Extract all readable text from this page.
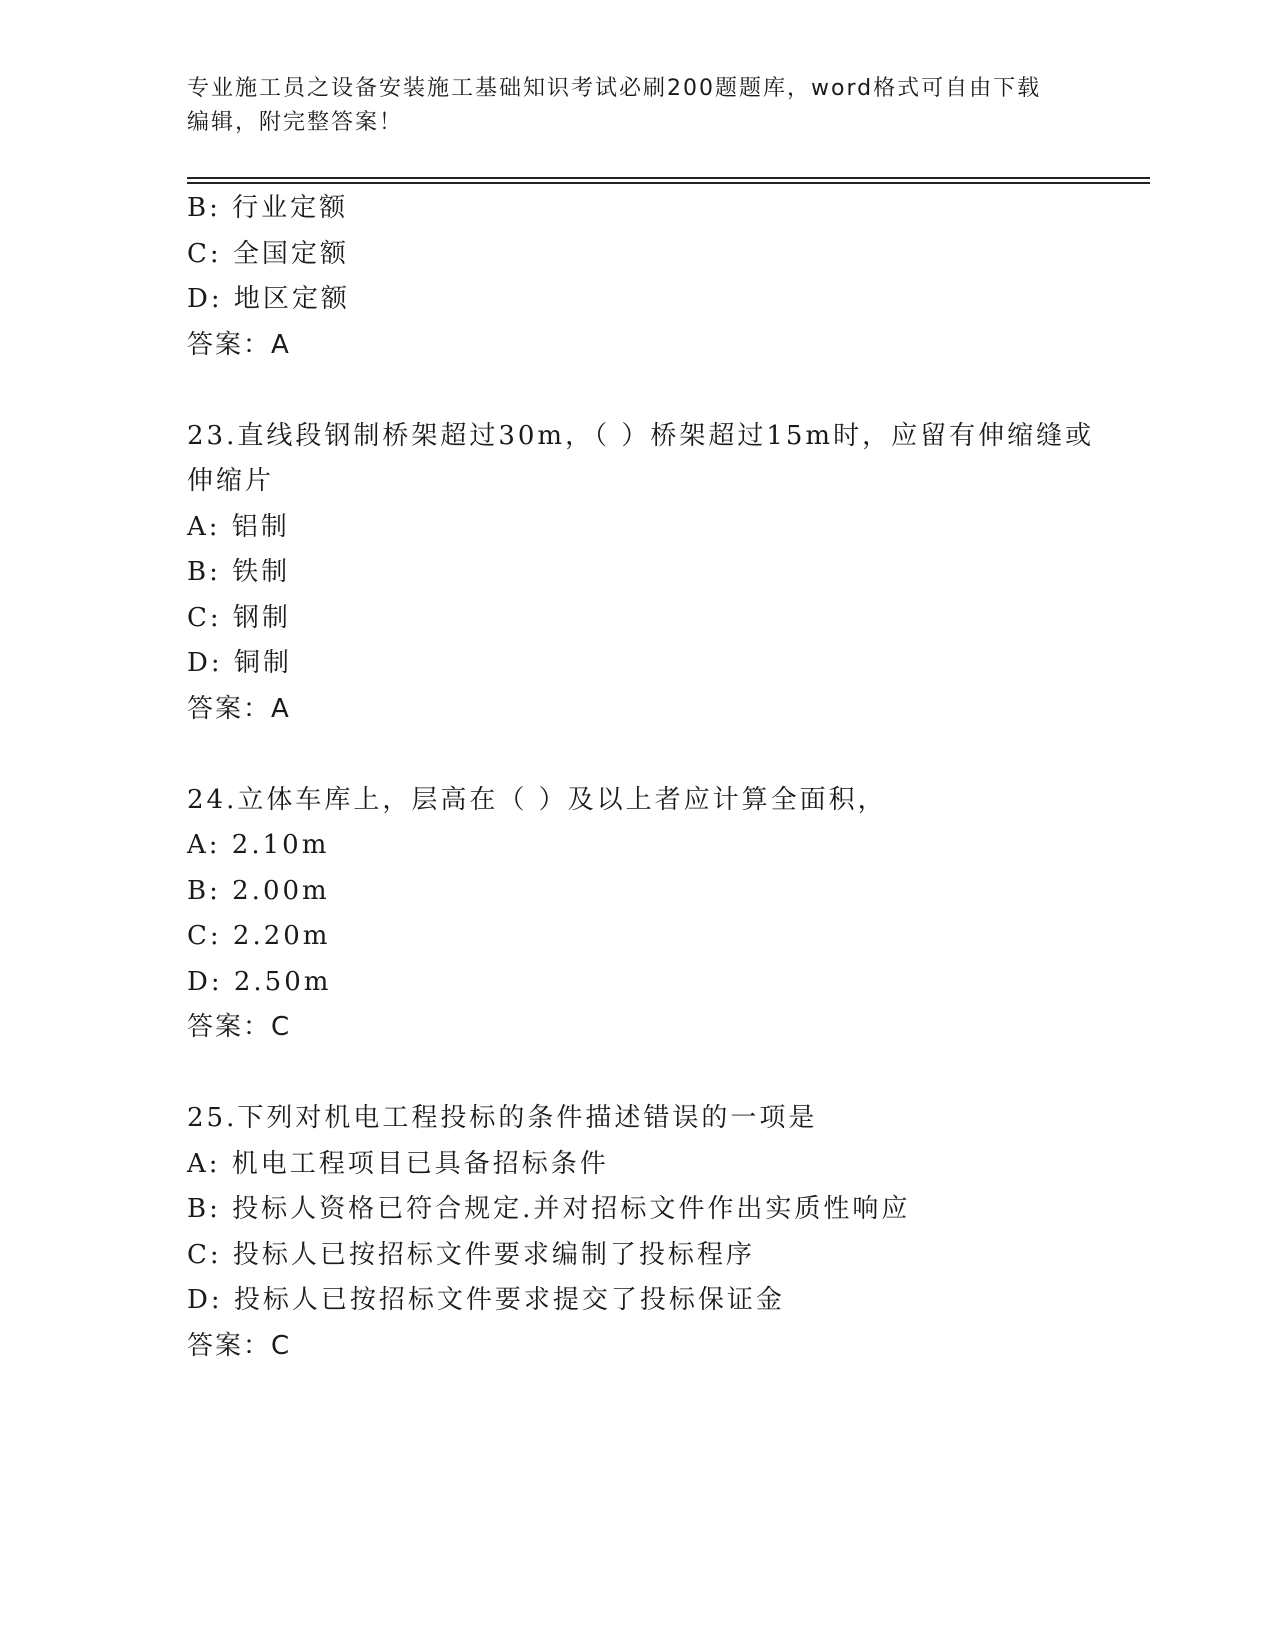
专业施工员之设备安装施工基础知识考试必刷200题题库，word格式可自由下载
编辑，附完整答案！
B: 行业定额
C: 全国定额
D: 地区定额
答案：A
23.直线段钢制桥架超过30m，（ ）桥架超过15m时，应留有伸缩缝或
伸缩片
A: 铝制
B: 铁制
C: 钢制
D: 铜制
答案：A
24.立体车库上，层高在（ ）及以上者应计算全面积，
A: 2.10m
B: 2.00m
C: 2.20m
D: 2.50m
答案：C
25.下列对机电工程投标的条件描述错误的一项是
A: 机电工程项目已具备招标条件
B: 投标人资格已符合规定.并对招标文件作出实质性响应
C: 投标人已按招标文件要求编制了投标程序
D: 投标人已按招标文件要求提交了投标保证金
答案：C
